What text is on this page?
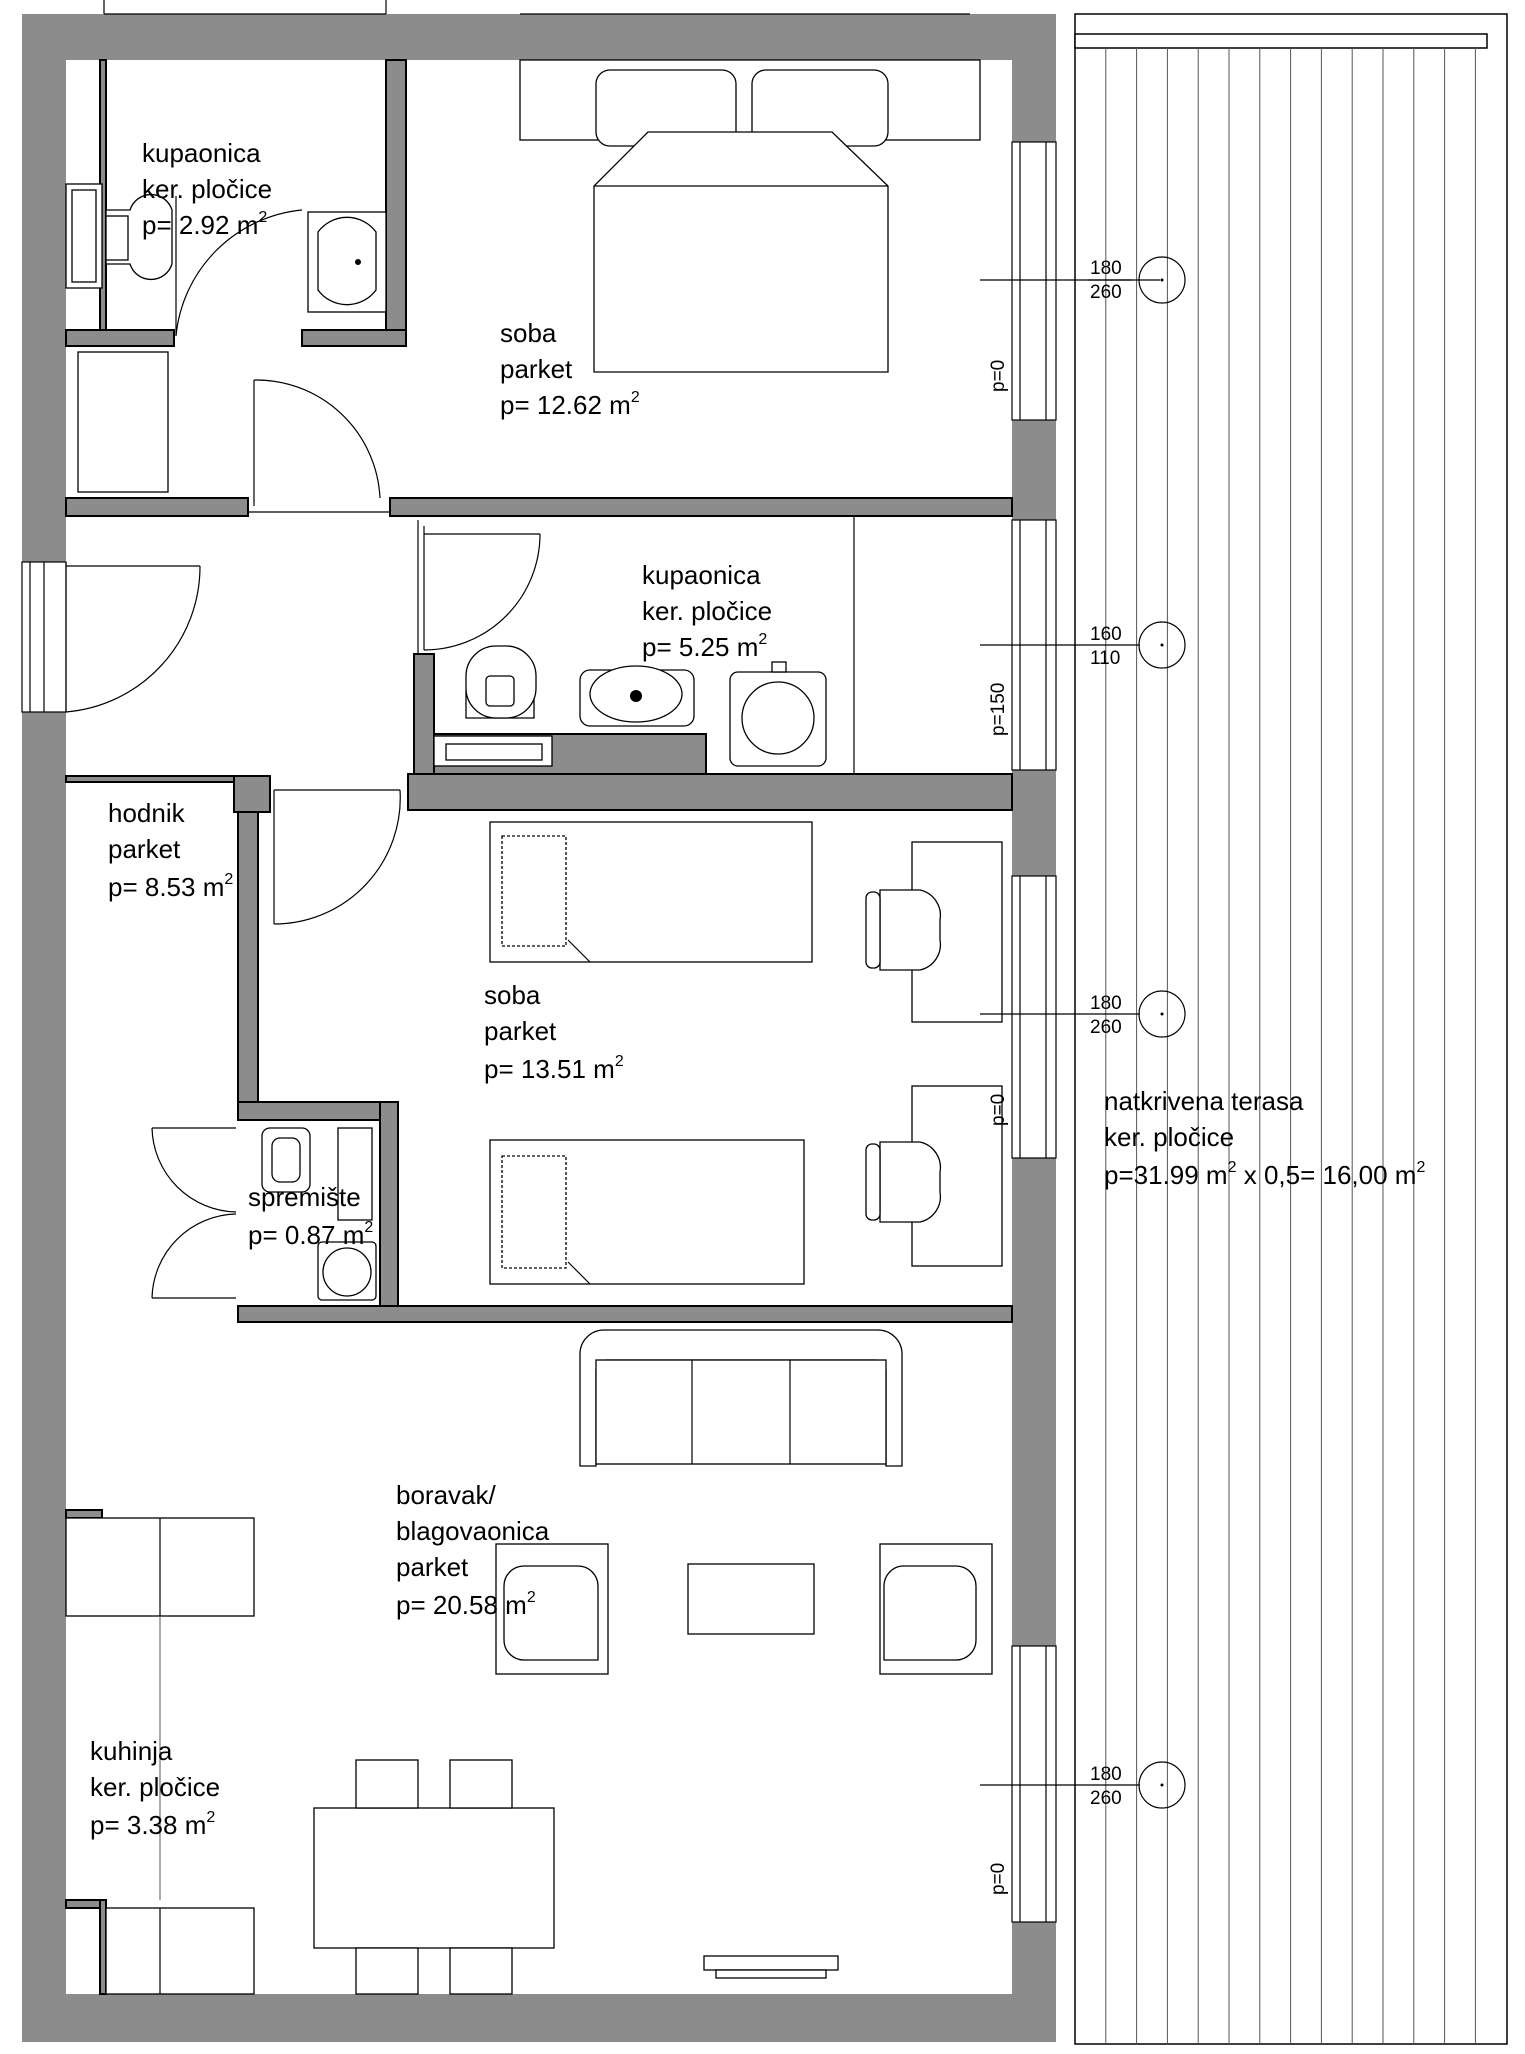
180
260
p=0
160
110
p=150
180
260
p=0
180
260
p=0
kupaonica
ker. pločice
p= 2.92 $m^2$
soba
parket
p= 12.62 $m^2$
kupaonica
ker. pločice
p= 5.25 $m^2$
hodnik
parket
p= 8.53 $m^2$
soba
parket
p= 13.51 $m^2$
spremište
p= 0.87 $m^2$
boravak/
blagovaonica
parket
p= 20.58 $m^2$
kuhinja
ker. pločice
p= 3.38 $m^2$
natkrivena terasa
ker. pločice
p=31.99 $m^2$ x 0,5= 16,00 $m^2$
